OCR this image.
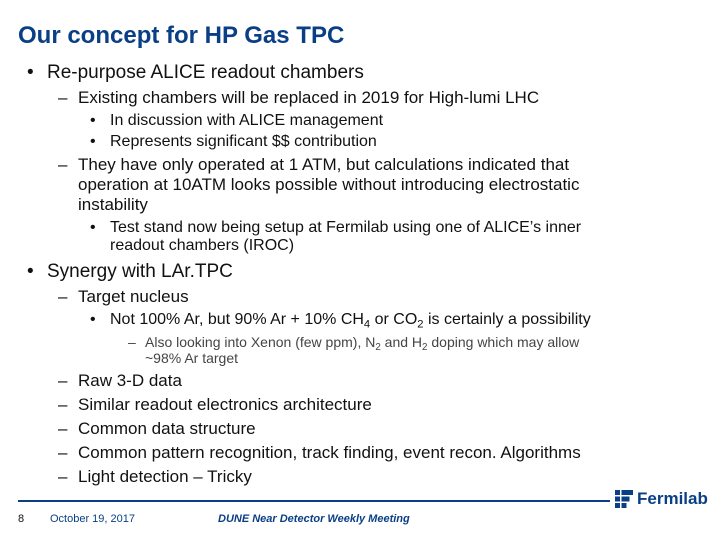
Our concept for HP Gas TPC
• Re-purpose ALICE readout chambers
– Existing chambers will be replaced in 2019 for High-lumi LHC
• In discussion with ALICE management
• Represents significant $$ contribution
– They have only operated at 1 ATM, but calculations indicated that
operation at 10ATM looks possible without introducing electrostatic
instability
• Test stand now being setup at Fermilab using one of ALICE’s inner
readout chambers (IROC)
• Synergy with LAr.TPC
– Target nucleus
• Not 100% Ar, but 90% Ar + 10% $CH_4$ or $CO_2$ is certainly a possibility
– Also looking into Xenon (few ppm), $N_2$ and $H_2$ doping which may allow
~98% Ar target
– Raw 3-D data
– Similar readout electronics architecture
– Common data structure
– Common pattern recognition, track finding, event recon. Algorithms
– Light detection – Tricky
Fermilab
8 October 19, 2017	DUNE Near Detector Weekly Meeting
